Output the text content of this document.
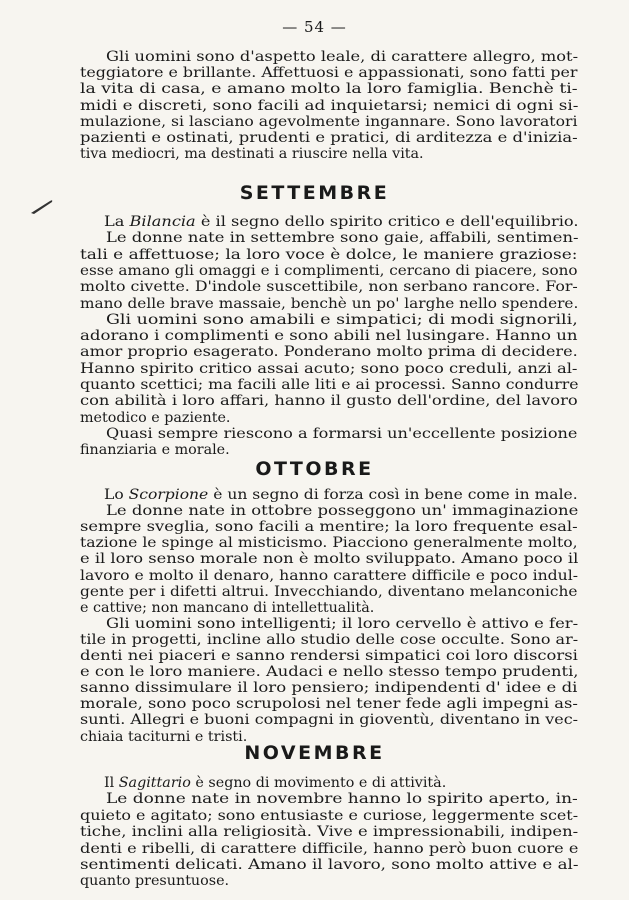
— 54 —
Gli uomini sono d'aspetto leale, di carattere allegro, mot-
teggiatore e brillante. Affettuosi e appassionati, sono fatti per
la vita di casa, e amano molto la loro famiglia. Benchè ti-
midi e discreti, sono facili ad inquietarsi; nemici di ogni si-
mulazione, si lasciano agevolmente ingannare. Sono lavoratori
pazienti e ostinati, prudenti e pratici, di arditezza e d'inizia-
tiva mediocri, ma destinati a riuscire nella vita.
SETTEMBRE
La Bilancia è il segno dello spirito critico e dell'equilibrio.
Le donne nate in settembre sono gaie, affabili, sentimen-
tali e affettuose; la loro voce è dolce, le maniere graziose:
esse amano gli omaggi e i complimenti, cercano di piacere, sono
molto civette. D'indole suscettibile, non serbano rancore. For-
mano delle brave massaie, benchè un po' larghe nello spendere.
Gli uomini sono amabili e simpatici; di modi signorili,
adorano i complimenti e sono abili nel lusingare. Hanno un
amor proprio esagerato. Ponderano molto prima di decidere.
Hanno spirito critico assai acuto; sono poco creduli, anzi al-
quanto scettici; ma facili alle liti e ai processi. Sanno condurre
con abilità i loro affari, hanno il gusto dell'ordine, del lavoro
metodico e paziente.
Quasi sempre riescono a formarsi un'eccellente posizione
finanziaria e morale.
OTTOBRE
Lo Scorpione è un segno di forza così in bene come in male.
Le donne nate in ottobre posseggono un' immaginazione
sempre sveglia, sono facili a mentire; la loro frequente esal-
tazione le spinge al misticismo. Piacciono generalmente molto,
e il loro senso morale non è molto sviluppato. Amano poco il
lavoro e molto il denaro, hanno carattere difficile e poco indul-
gente per i difetti altrui. Invecchiando, diventano melanconiche
e cattive; non mancano di intellettualità.
Gli uomini sono intelligenti; il loro cervello è attivo e fer-
tile in progetti, incline allo studio delle cose occulte. Sono ar-
denti nei piaceri e sanno rendersi simpatici coi loro discorsi
e con le loro maniere. Audaci e nello stesso tempo prudenti,
sanno dissimulare il loro pensiero; indipendenti d' idee e di
morale, sono poco scrupolosi nel tener fede agli impegni as-
sunti. Allegri e buoni compagni in gioventù, diventano in vec-
chiaia taciturni e tristi.
NOVEMBRE
Il Sagittario è segno di movimento e di attività.
Le donne nate in novembre hanno lo spirito aperto, in-
quieto e agitato; sono entusiaste e curiose, leggermente scet-
tiche, inclini alla religiosità. Vive e impressionabili, indipen-
denti e ribelli, di carattere difficile, hanno però buon cuore e
sentimenti delicati. Amano il lavoro, sono molto attive e al-
quanto presuntuose.
